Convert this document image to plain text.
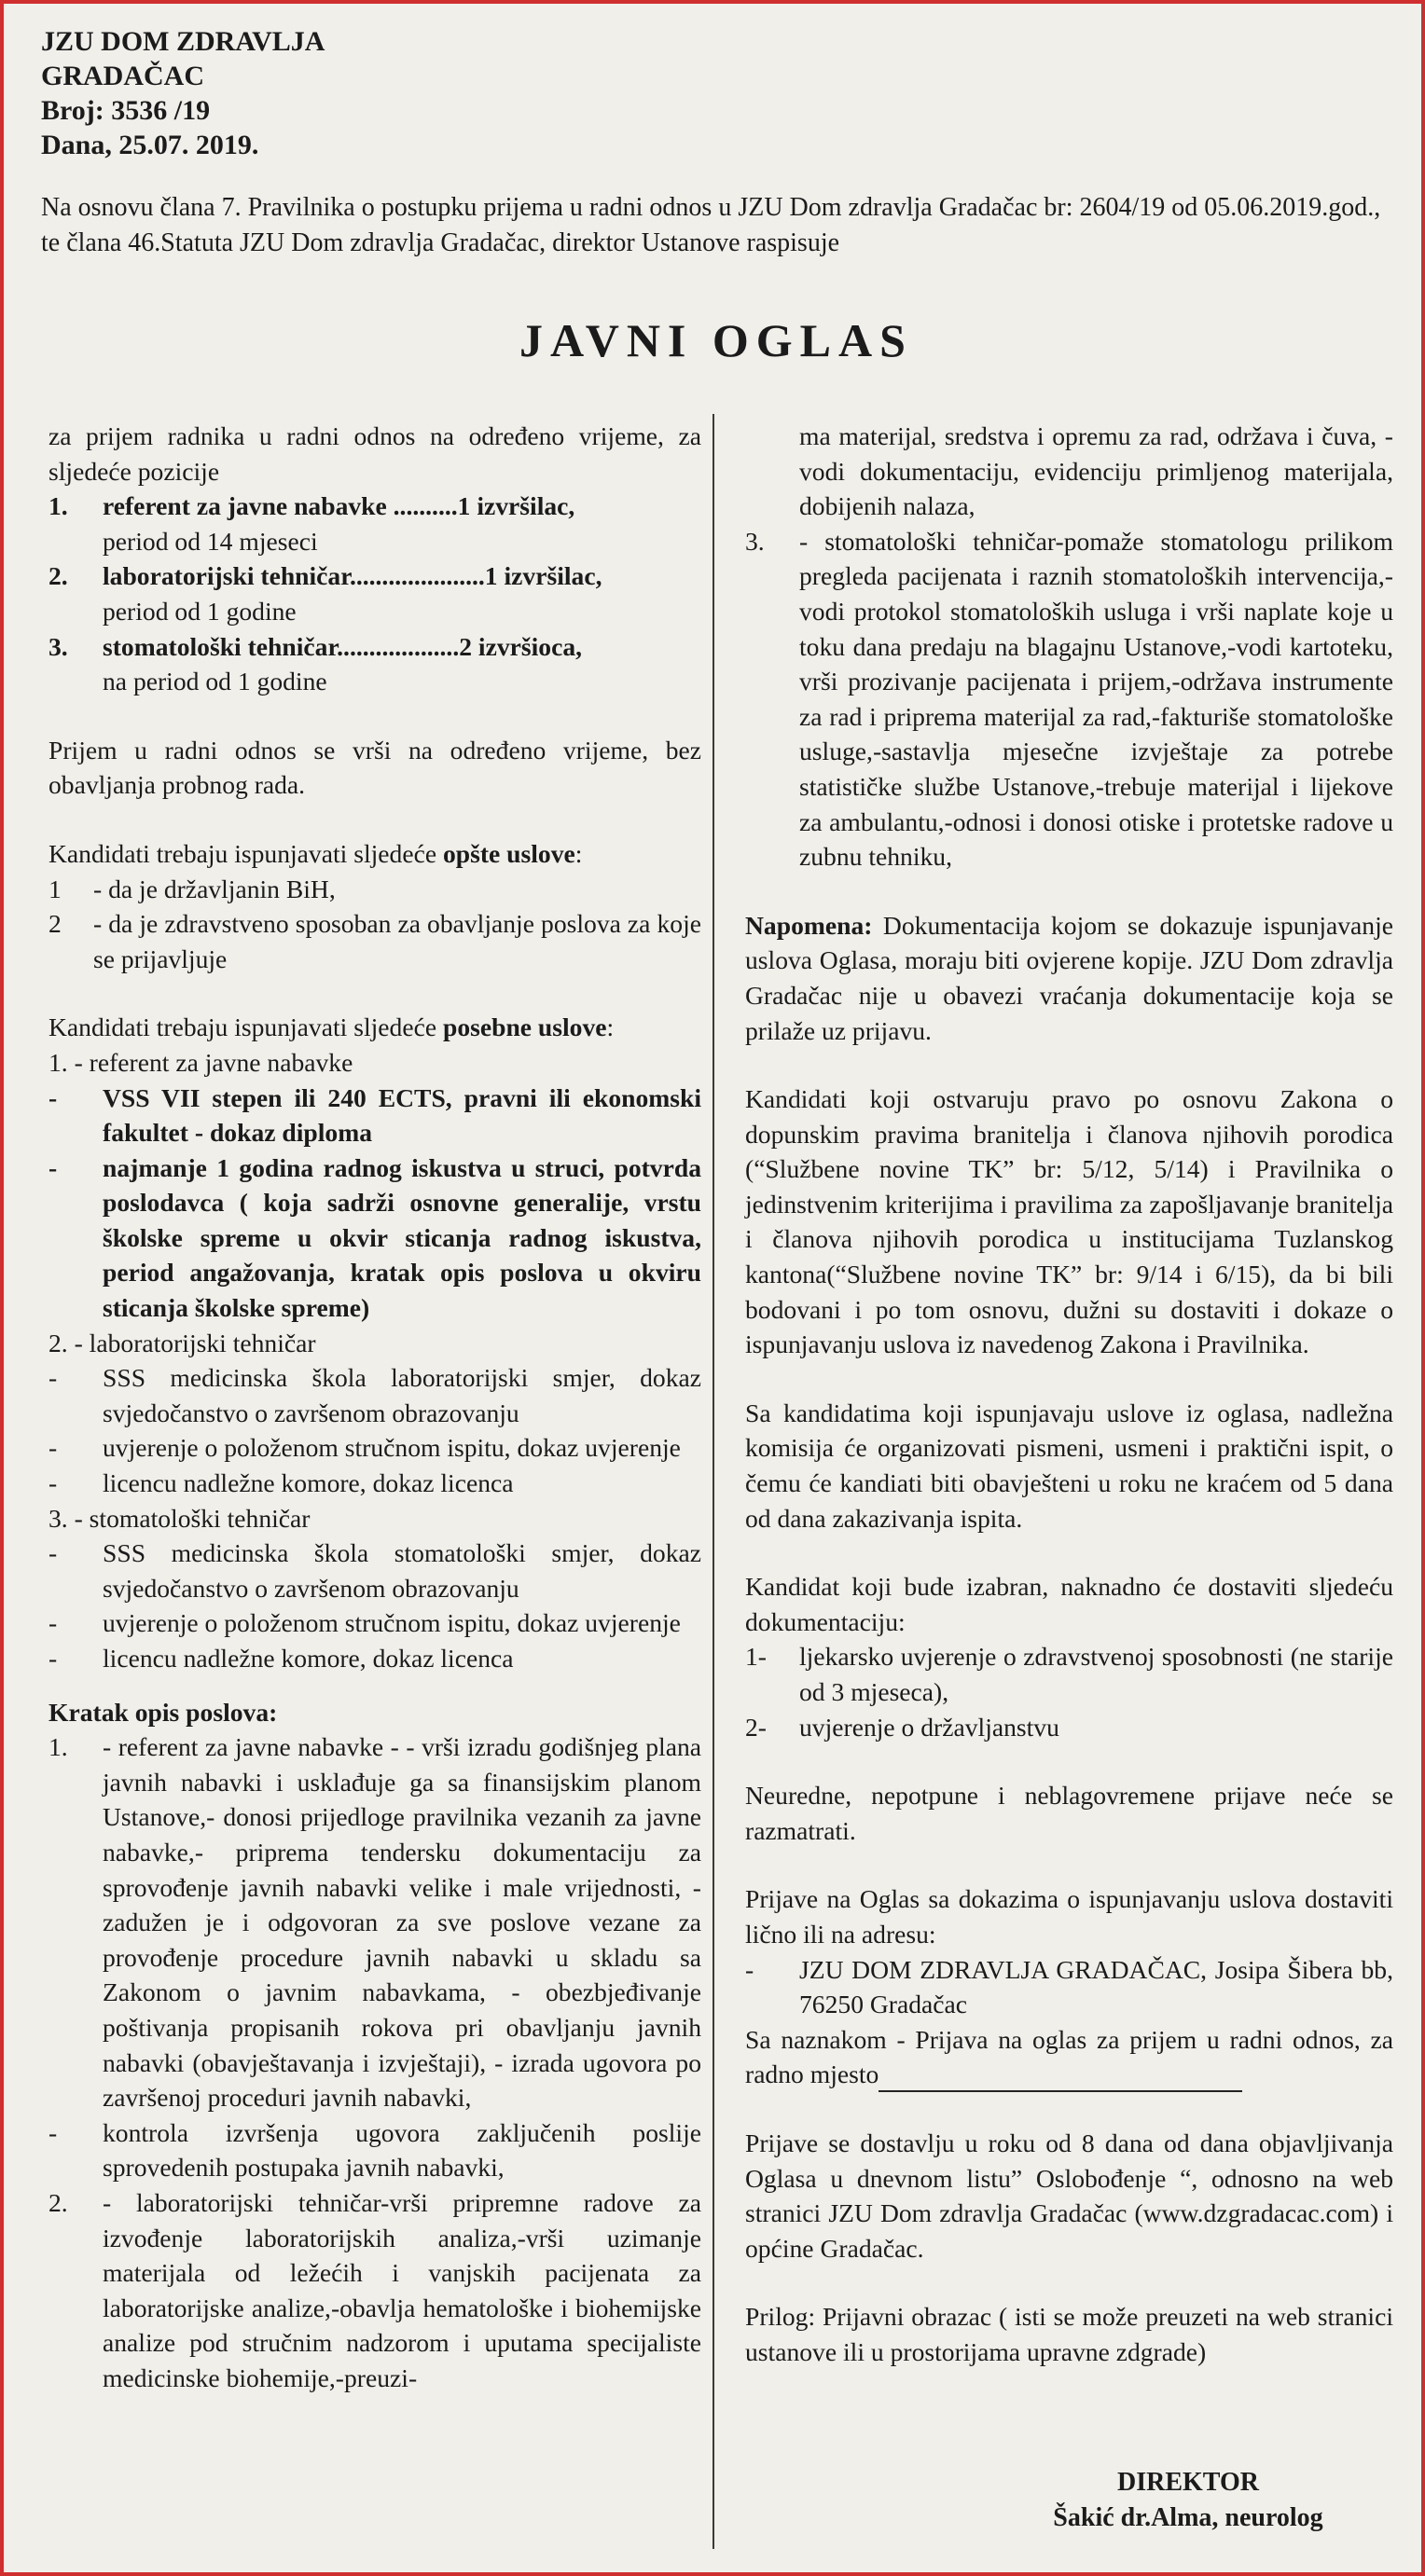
JZU DOM ZDRAVLJA
GRADAČAC
Broj: 3536 /19
Dana, 25.07. 2019.
Na osnovu člana 7. Pravilnika o postupku prijema u radni odnos u JZU Dom zdravlja Gradačac br: 2604/19 od 05.06.2019.god., te člana 46.Statuta JZU Dom zdravlja Gradačac, direktor Ustanove raspisuje
JAVNI OGLAS

za prijem radnika u radni odnos na određeno vrijeme, za sljedeće pozicije

1.	referent za javne nabavke ..........1 izvršilac,
period od 14 mjeseci
2.	laboratorijski tehničar.....................1 izvršilac,
period od 1 godine
3.	stomatološki tehničar...................2 izvršioca,
na period od 1 godine

Prijem u radni odnos se vrši na određeno vrijeme, bez obavljanja probnog rada.

Kandidati trebaju ispunjavati sljedeće opšte uslove:

1	- da je državljanin BiH,
2	- da je zdravstveno sposoban za obavljanje poslova za koje se prijavljuje

Kandidati trebaju ispunjavati sljedeće posebne uslove:

1. - referent za javne nabavke

-	VSS VII stepen ili 240 ECTS, pravni ili ekonomski fakultet - dokaz diploma
-	najmanje 1 godina radnog iskustva u struci, potvrda poslodavca ( koja sadrži osnovne generalije, vrstu školske spreme u okvir sticanja radnog iskustva, period angažovanja, kratak opis poslova u okviru sticanja školske spreme)

2. - laboratorijski tehničar

-	SSS medicinska škola laboratorijski smjer, dokaz svjedočanstvo o završenom obrazovanju
-	uvjerenje o položenom stručnom ispitu, dokaz uvjerenje
-	licencu nadležne komore, dokaz licenca

3. - stomatološki tehničar

-	SSS medicinska škola stomatološki smjer, dokaz svjedočanstvo o završenom obrazovanju
-	uvjerenje o položenom stručnom ispitu, dokaz uvjerenje
-	licencu nadležne komore, dokaz licenca

Kratak opis poslova:

1.	- referent za javne nabavke - - vrši izradu godišnjeg plana javnih nabavki i usklađuje ga sa finansijskim planom Ustanove,- donosi prijedloge pravilnika vezanih za javne nabavke,- priprema tendersku dokumentaciju za sprovođenje javnih nabavki velike i male vrijednosti, - zadužen je i odgovoran za sve poslove vezane za provođenje procedure javnih nabavki u skladu sa Zakonom o javnim nabavkama, - obezbjeđivanje poštivanja propisanih rokova pri obavljanju javnih nabavki (obavještavanja i izvještaji), - izrada ugovora po završenoj proceduri javnih nabavki,
-	kontrola izvršenja ugovora zaključenih poslije sprovedenih postupaka javnih nabavki,
2.	- laboratorijski tehničar-vrši pripremne radove za izvođenje laboratorijskih analiza,-vrši uzimanje materijala od ležećih i vanjskih pacijenata za laboratorijske analize,-obavlja hematološke i biohemijske analize pod stručnim nadzorom i uputama specijaliste medicinske biohemije,-preuzi-

ma materijal, sredstva i opremu za rad, održava i čuva, -vodi dokumentaciju, evidenciju primljenog materijala, dobijenih nalaza,

3.	- stomatološki tehničar-pomaže stomatologu prilikom pregleda pacijenata i raznih stomatoloških intervencija,-vodi protokol stomatoloških usluga i vrši naplate koje u toku dana predaju na blagajnu Ustanove,-vodi kartoteku, vrši prozivanje pacijenata i prijem,-održava instrumente za rad i priprema materijal za rad,-fakturiše stomatološke usluge,-sastavlja mjesečne izvještaje za potrebe statističke službe Ustanove,-trebuje materijal i lijekove za ambulantu,-odnosi i donosi otiske i protetske radove u zubnu tehniku,

Napomena: Dokumentacija kojom se dokazuje ispunjavanje uslova Oglasa, moraju biti ovjerene kopije. JZU Dom zdravlja Gradačac nije u obavezi vraćanja dokumentacije koja se prilaže uz prijavu.

Kandidati koji ostvaruju pravo po osnovu Zakona o dopunskim pravima branitelja i članova njihovih porodica (“Službene novine TK” br: 5/12, 5/14) i Pravilnika o jedinstvenim kriterijima i pravilima za zapošljavanje branitelja i članova njihovih porodica u institucijama Tuzlanskog kantona(“Službene novine TK” br: 9/14 i 6/15), da bi bili bodovani i po tom osnovu, dužni su dostaviti i dokaze o ispunjavanju uslova iz navedenog Zakona i Pravilnika.

Sa kandidatima koji ispunjavaju uslove iz oglasa, nadležna komisija će organizovati pismeni, usmeni i praktični ispit, o čemu će kandiati biti obavješteni u roku ne kraćem od 5 dana od dana zakazivanja ispita.

Kandidat koji bude izabran, naknadno će dostaviti sljedeću dokumentaciju:

1-	ljekarsko uvjerenje o zdravstvenoj sposobnosti (ne starije od 3 mjeseca),
2-	uvjerenje o državljanstvu

Neuredne, nepotpune i neblagovremene prijave neće se razmatrati.

Prijave na Oglas sa dokazima o ispunjavanju uslova dostaviti lično ili na adresu:

-	JZU DOM ZDRAVLJA GRADAČAC, Josipa Šibera bb, 76250 Gradačac

Sa naznakom - Prijava na oglas za prijem u radni odnos, za radno mjesto

Prijave se dostavlju u roku od 8 dana od dana objavljivanja Oglasa u dnevnom listu” Oslobođenje “, odnosno na web stranici JZU Dom zdravlja Gradačac (www.dzgradacac.com) i općine Gradačac.

Prilog: Prijavni obrazac ( isti se može preuzeti na web stranici ustanove ili u prostorijama upravne zdgrade)

DIREKTOR
Šakić dr.Alma, neurolog
